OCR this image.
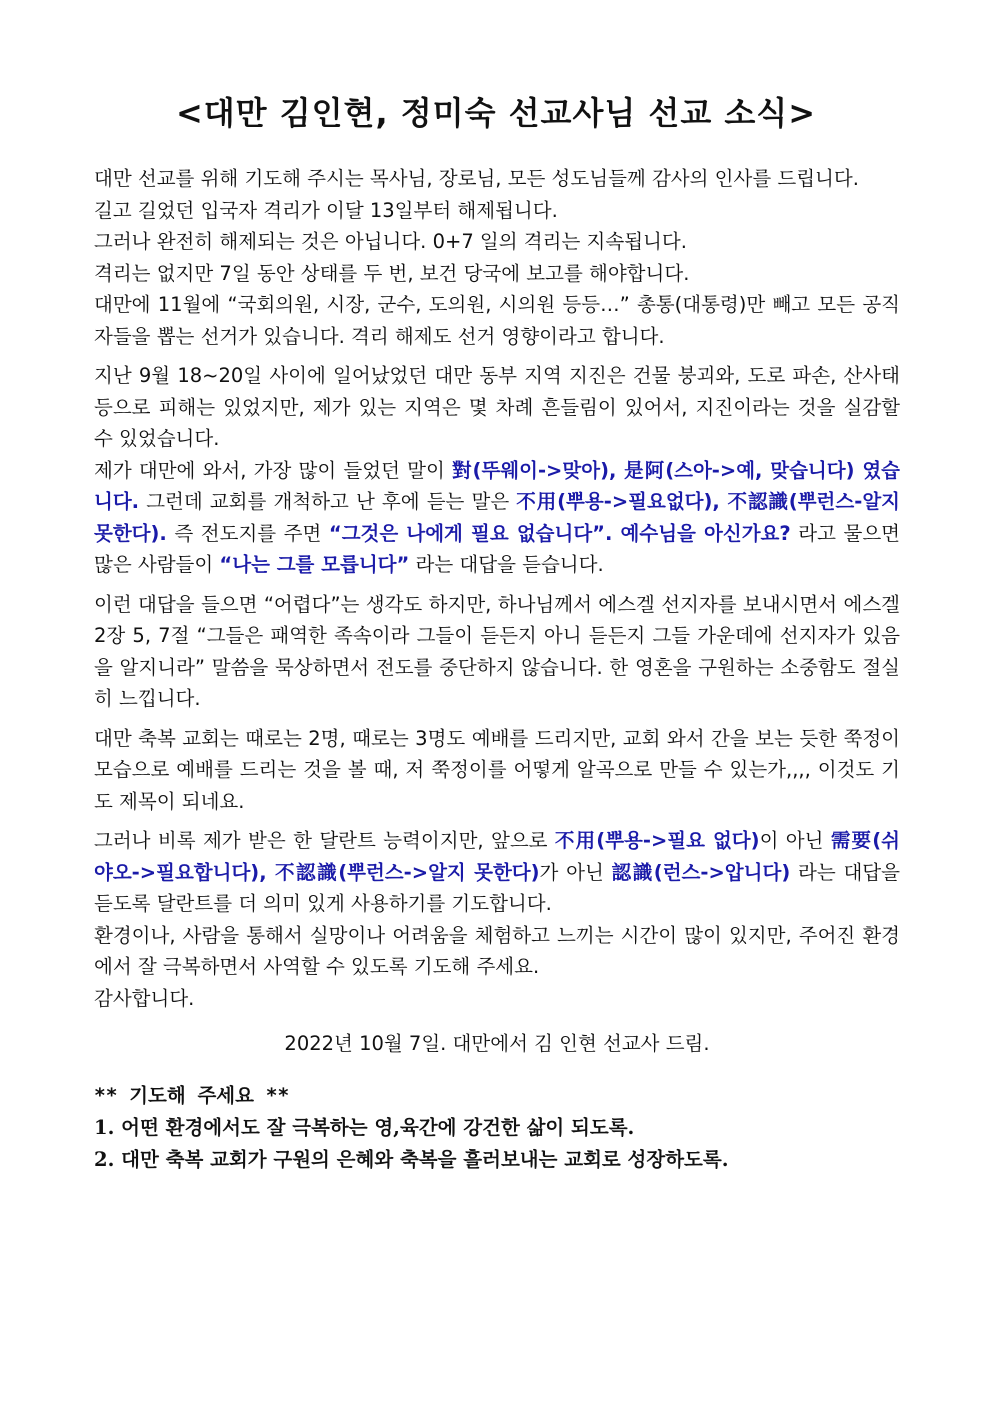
<대만 김인현, 정미숙 선교사님 선교 소식>
대만 선교를 위해 기도해 주시는 목사님, 장로님, 모든 성도님들께 감사의 인사를 드립니다.
길고 길었던 입국자 격리가 이달 13일부터 해제됩니다.
그러나 완전히 해제되는 것은 아닙니다. 0+7 일의 격리는 지속됩니다.
격리는 없지만 7일 동안 상태를 두 번, 보건 당국에 보고를 해야합니다.
대만에 11월에 “국회의원, 시장, 군수, 도의원, 시의원 등등…” 총통(대통령)만 빼고 모든 공직자들을 뽑는 선거가 있습니다. 격리 해제도 선거 영향이라고 합니다.
지난 9월 18~20일 사이에 일어났었던 대만 동부 지역 지진은 건물 붕괴와, 도로 파손, 산사태 등으로 피해는 있었지만, 제가 있는 지역은 몇 차례 흔들림이 있어서, 지진이라는 것을 실감할 수 있었습니다.
제가 대만에 와서, 가장 많이 들었던 말이 對(뚜웨이->맞아), 是阿(스아->예, 맞습니다) 였습니다. 그런데 교회를 개척하고 난 후에 듣는 말은 不用(뿌용->필요없다), 不認識(뿌런스-알지 못한다). 즉 전도지를 주면 “그것은 나에게 필요 없습니다”. 예수님을 아신가요? 라고 물으면 많은 사람들이 “나는 그를 모릅니다” 라는 대답을 듣습니다.
이런 대답을 들으면 “어렵다”는 생각도 하지만, 하나님께서 에스겔 선지자를 보내시면서 에스겔 2장 5, 7절 “그들은 패역한 족속이라 그들이 듣든지 아니 듣든지 그들 가운데에 선지자가 있음을 알지니라” 말씀을 묵상하면서 전도를 중단하지 않습니다. 한 영혼을 구원하는 소중함도 절실히 느낍니다.
대만 축복 교회는 때로는 2명, 때로는 3명도 예배를 드리지만, 교회 와서 간을 보는 듯한 쭉정이 모습으로 예배를 드리는 것을 볼 때, 저 쭉정이를 어떻게 알곡으로 만들 수 있는가,,,, 이것도 기도 제목이 되네요.
그러나 비록 제가 받은 한 달란트 능력이지만, 앞으로 不用(뿌용->필요 없다)이 아닌 需要(쉬야오->필요합니다), 不認識(뿌런스->알지 못한다)가 아닌 認識(런스->압니다) 라는 대답을 듣도록 달란트를 더 의미 있게 사용하기를 기도합니다.
환경이나, 사람을 통해서 실망이나 어려움을 체험하고 느끼는 시간이 많이 있지만, 주어진 환경에서 잘 극복하면서 사역할 수 있도록 기도해 주세요.
감사합니다.
2022년 10월 7일. 대만에서 김 인현 선교사 드림.
** 기도해 주세요 **
1. 어떤 환경에서도 잘 극복하는 영,육간에 강건한 삶이 되도록.
2. 대만 축복 교회가 구원의 은혜와 축복을 흘러보내는 교회로 성장하도록.
